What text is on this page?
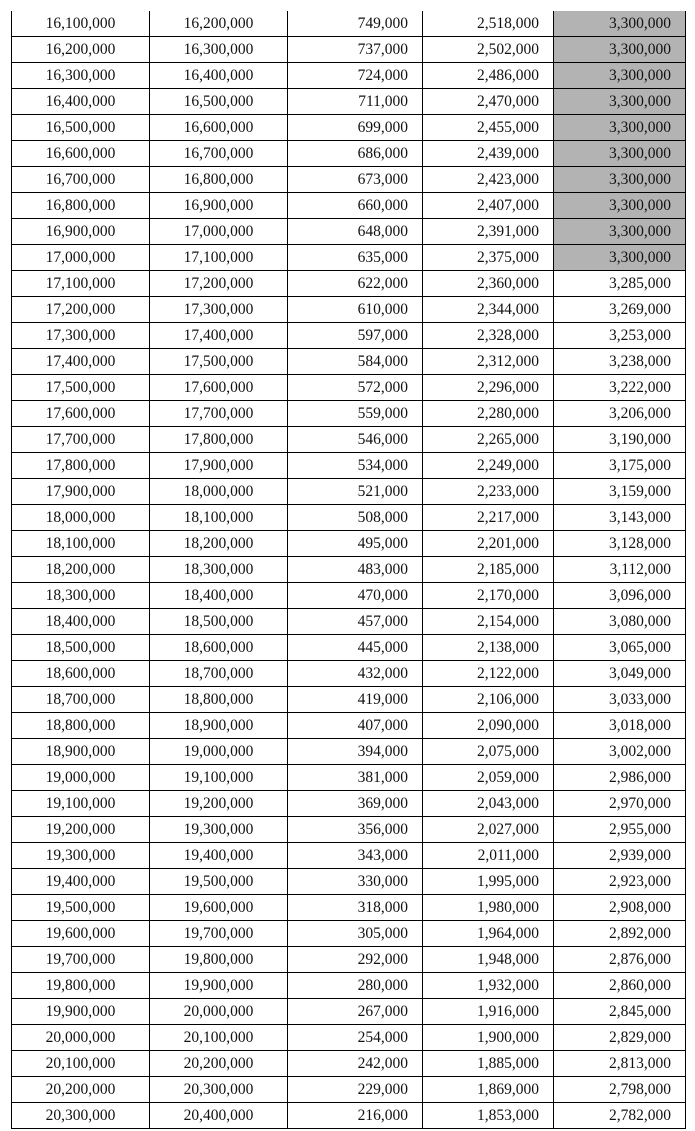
16,100,000	16,200,000	749,000	2,518,000	3,300,000
16,200,000	16,300,000	737,000	2,502,000	3,300,000
16,300,000	16,400,000	724,000	2,486,000	3,300,000
16,400,000	16,500,000	711,000	2,470,000	3,300,000
16,500,000	16,600,000	699,000	2,455,000	3,300,000
16,600,000	16,700,000	686,000	2,439,000	3,300,000
16,700,000	16,800,000	673,000	2,423,000	3,300,000
16,800,000	16,900,000	660,000	2,407,000	3,300,000
16,900,000	17,000,000	648,000	2,391,000	3,300,000
17,000,000	17,100,000	635,000	2,375,000	3,300,000
17,100,000	17,200,000	622,000	2,360,000	3,285,000
17,200,000	17,300,000	610,000	2,344,000	3,269,000
17,300,000	17,400,000	597,000	2,328,000	3,253,000
17,400,000	17,500,000	584,000	2,312,000	3,238,000
17,500,000	17,600,000	572,000	2,296,000	3,222,000
17,600,000	17,700,000	559,000	2,280,000	3,206,000
17,700,000	17,800,000	546,000	2,265,000	3,190,000
17,800,000	17,900,000	534,000	2,249,000	3,175,000
17,900,000	18,000,000	521,000	2,233,000	3,159,000
18,000,000	18,100,000	508,000	2,217,000	3,143,000
18,100,000	18,200,000	495,000	2,201,000	3,128,000
18,200,000	18,300,000	483,000	2,185,000	3,112,000
18,300,000	18,400,000	470,000	2,170,000	3,096,000
18,400,000	18,500,000	457,000	2,154,000	3,080,000
18,500,000	18,600,000	445,000	2,138,000	3,065,000
18,600,000	18,700,000	432,000	2,122,000	3,049,000
18,700,000	18,800,000	419,000	2,106,000	3,033,000
18,800,000	18,900,000	407,000	2,090,000	3,018,000
18,900,000	19,000,000	394,000	2,075,000	3,002,000
19,000,000	19,100,000	381,000	2,059,000	2,986,000
19,100,000	19,200,000	369,000	2,043,000	2,970,000
19,200,000	19,300,000	356,000	2,027,000	2,955,000
19,300,000	19,400,000	343,000	2,011,000	2,939,000
19,400,000	19,500,000	330,000	1,995,000	2,923,000
19,500,000	19,600,000	318,000	1,980,000	2,908,000
19,600,000	19,700,000	305,000	1,964,000	2,892,000
19,700,000	19,800,000	292,000	1,948,000	2,876,000
19,800,000	19,900,000	280,000	1,932,000	2,860,000
19,900,000	20,000,000	267,000	1,916,000	2,845,000
20,000,000	20,100,000	254,000	1,900,000	2,829,000
20,100,000	20,200,000	242,000	1,885,000	2,813,000
20,200,000	20,300,000	229,000	1,869,000	2,798,000
20,300,000	20,400,000	216,000	1,853,000	2,782,000
